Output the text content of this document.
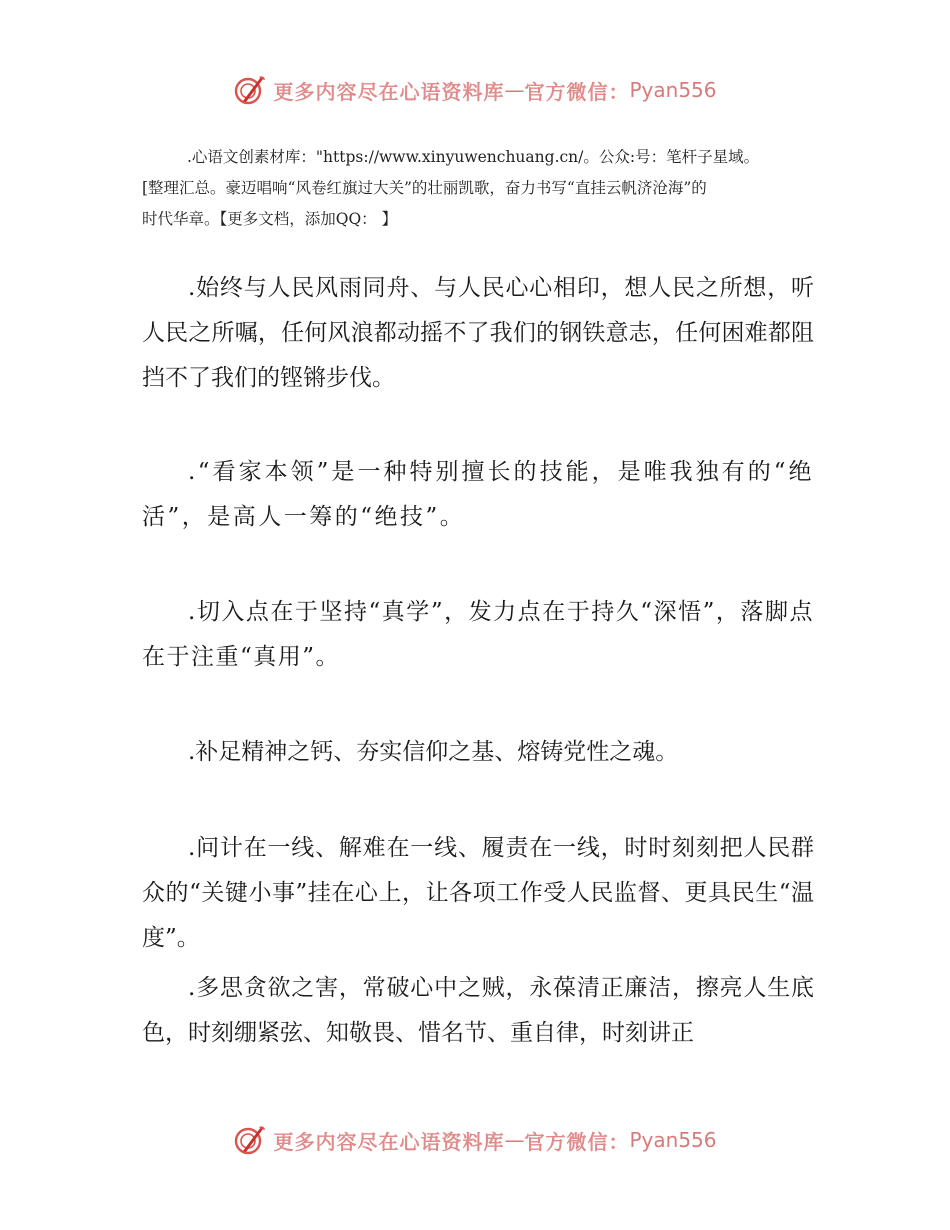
更多内容尽在心语资料库 — 官方微信： Pyan556

.心语文创素材库："https://www.xinyuwenchuang.cn/。公众:号：笔杆子星域。

[整理汇总。豪迈唱响“风卷红旗过大关”的壮丽凯歌，奋力书写“直挂云帆济沧海”的

时代华章。【更多文档，添加QQ： 】

.始终与人民风雨同舟、与人民心心相印，想人民之所想，听人民之所嘱，任何风浪都动摇不了我们的钢铁意志，任何困难都阻挡不了我们的铿锵步伐。

.“看家本领”是一种特别擅长的技能，是唯我独有的“绝活”，是高人一筹的“绝技”。

.切入点在于坚持“真学”，发力点在于持久“深悟”，落脚点在于注重“真用”。

.补足精神之钙、夯实信仰之基、熔铸党性之魂。

.问计在一线、解难在一线、履责在一线，时时刻刻把人民群众的“关键小事”挂在心上，让各项工作受人民监督、更具民生“温度”。

.多思贪欲之害，常破心中之贼，永葆清正廉洁，擦亮人生底色，时刻绷紧弦、知敬畏、惜名节、重自律，时刻讲正

更多内容尽在心语资料库 — 官方微信： Pyan556
